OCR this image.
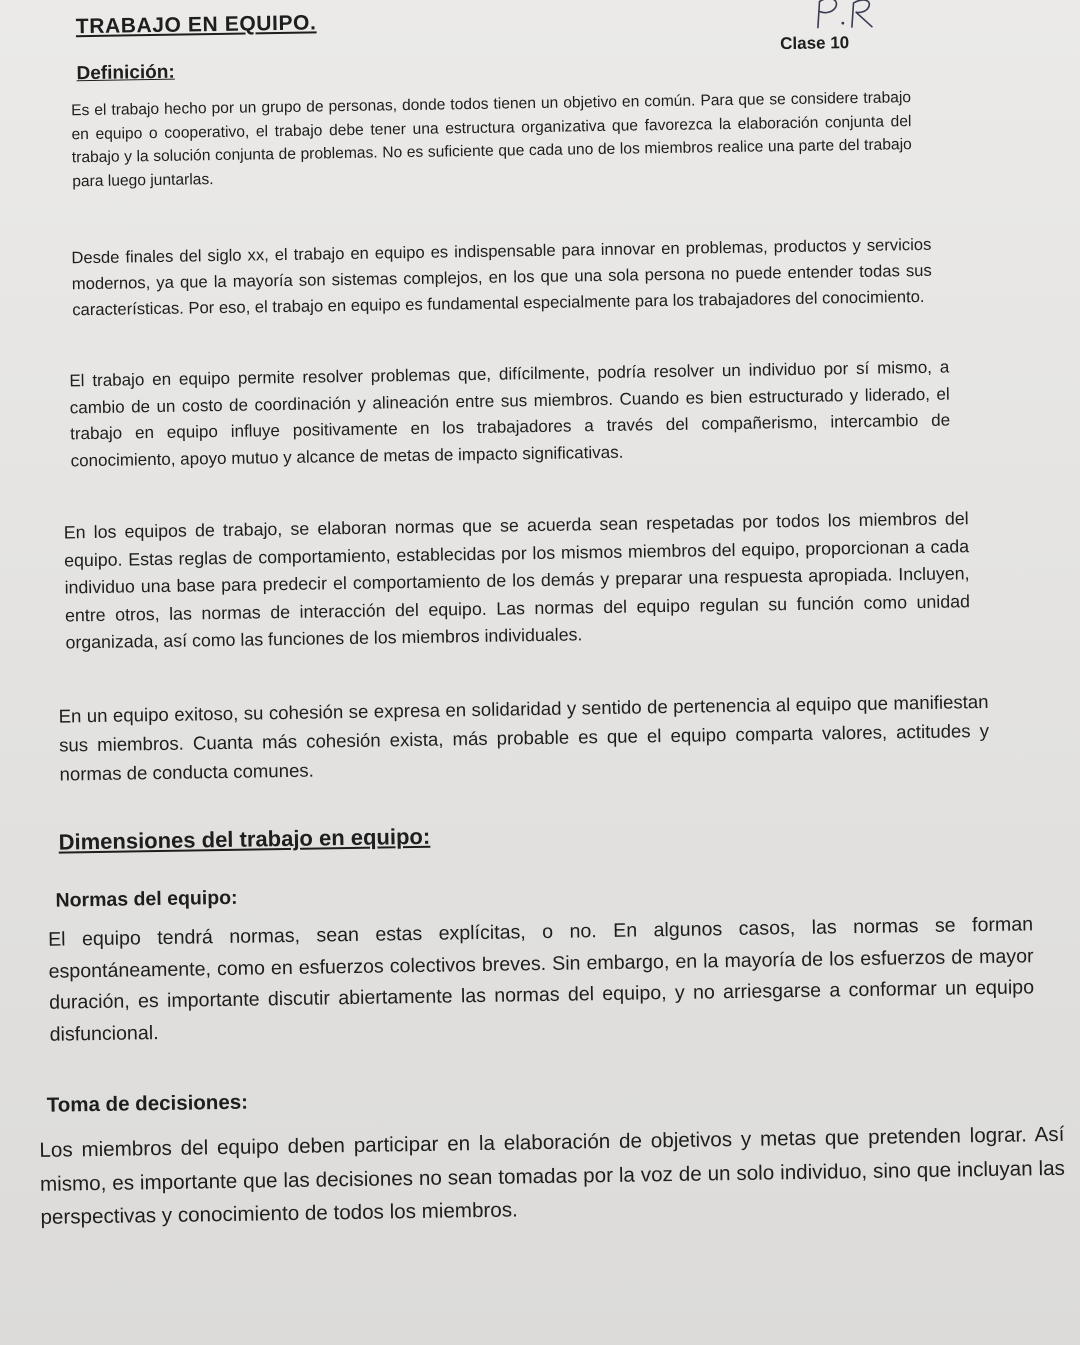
TRABAJO EN EQUIPO.
Clase 10
Definición:

Es el trabajo hecho por un grupo de personas, donde todos tienen un objetivo en común. Para que se considere trabajo en equipo o cooperativo, el trabajo debe tener una estructura organizativa que favorezca la elaboración conjunta del trabajo y la solución conjunta de problemas. No es suficiente que cada uno de los miembros realice una parte del trabajo para luego juntarlas.

Desde finales del siglo xx, el trabajo en equipo es indispensable para innovar en problemas, productos y servicios modernos, ya que la mayoría son sistemas complejos, en los que una sola persona no puede entender todas sus características. Por eso, el trabajo en equipo es fundamental especialmente para los trabajadores del conocimiento.

El trabajo en equipo permite resolver problemas que, difícilmente, podría resolver un individuo por sí mismo, a cambio de un costo de coordinación y alineación entre sus miembros. Cuando es bien estructurado y liderado, el trabajo en equipo influye positivamente en los trabajadores a través del compañerismo, intercambio de conocimiento, apoyo mutuo y alcance de metas de impacto significativas.

En los equipos de trabajo, se elaboran normas que se acuerda sean respetadas por todos los miembros del equipo. Estas reglas de comportamiento, establecidas por los mismos miembros del equipo, proporcionan a cada individuo una base para predecir el comportamiento de los demás y preparar una respuesta apropiada. Incluyen, entre otros, las normas de interacción del equipo. Las normas del equipo regulan su función como unidad organizada, así como las funciones de los miembros individuales.

En un equipo exitoso, su cohesión se expresa en solidaridad y sentido de pertenencia al equipo que manifiestan sus miembros. Cuanta más cohesión exista, más probable es que el equipo comparta valores, actitudes y normas de conducta comunes.

Dimensiones del trabajo en equipo:
Normas del equipo:

El equipo tendrá normas, sean estas explícitas, o no. En algunos casos, las normas se forman espontáneamente, como en esfuerzos colectivos breves. Sin embargo, en la mayoría de los esfuerzos de mayor duración, es importante discutir abiertamente las normas del equipo, y no arriesgarse a conformar un equipo disfuncional.

Toma de decisiones:

Los miembros del equipo deben participar en la elaboración de objetivos y metas que pretenden lograr. Así mismo, es importante que las decisiones no sean tomadas por la voz de un solo individuo, sino que incluyan las perspectivas y conocimiento de todos los miembros.
